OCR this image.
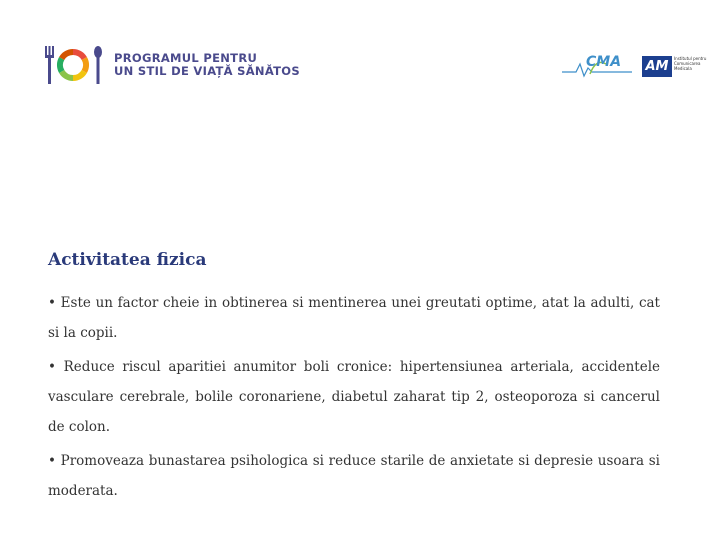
PROGRAMUL PENTRU
UN STIL DE VIAȚĂ SĂNĂTOS
CMA AM
Institutul pentru Comunicarea Medicala
Activitatea fizica

• Este un factor cheie in obtinerea si mentinerea unei greutati optime, atat la adulti, cat si la copii.

• Reduce riscul aparitiei anumitor boli cronice: hipertensiunea arteriala, accidentele vasculare cerebrale, bolile coronariene, diabetul zaharat tip 2, osteoporoza si cancerul de colon.

• Promoveaza bunastarea psihologica si reduce starile de anxietate si depresie usoara si moderata.
